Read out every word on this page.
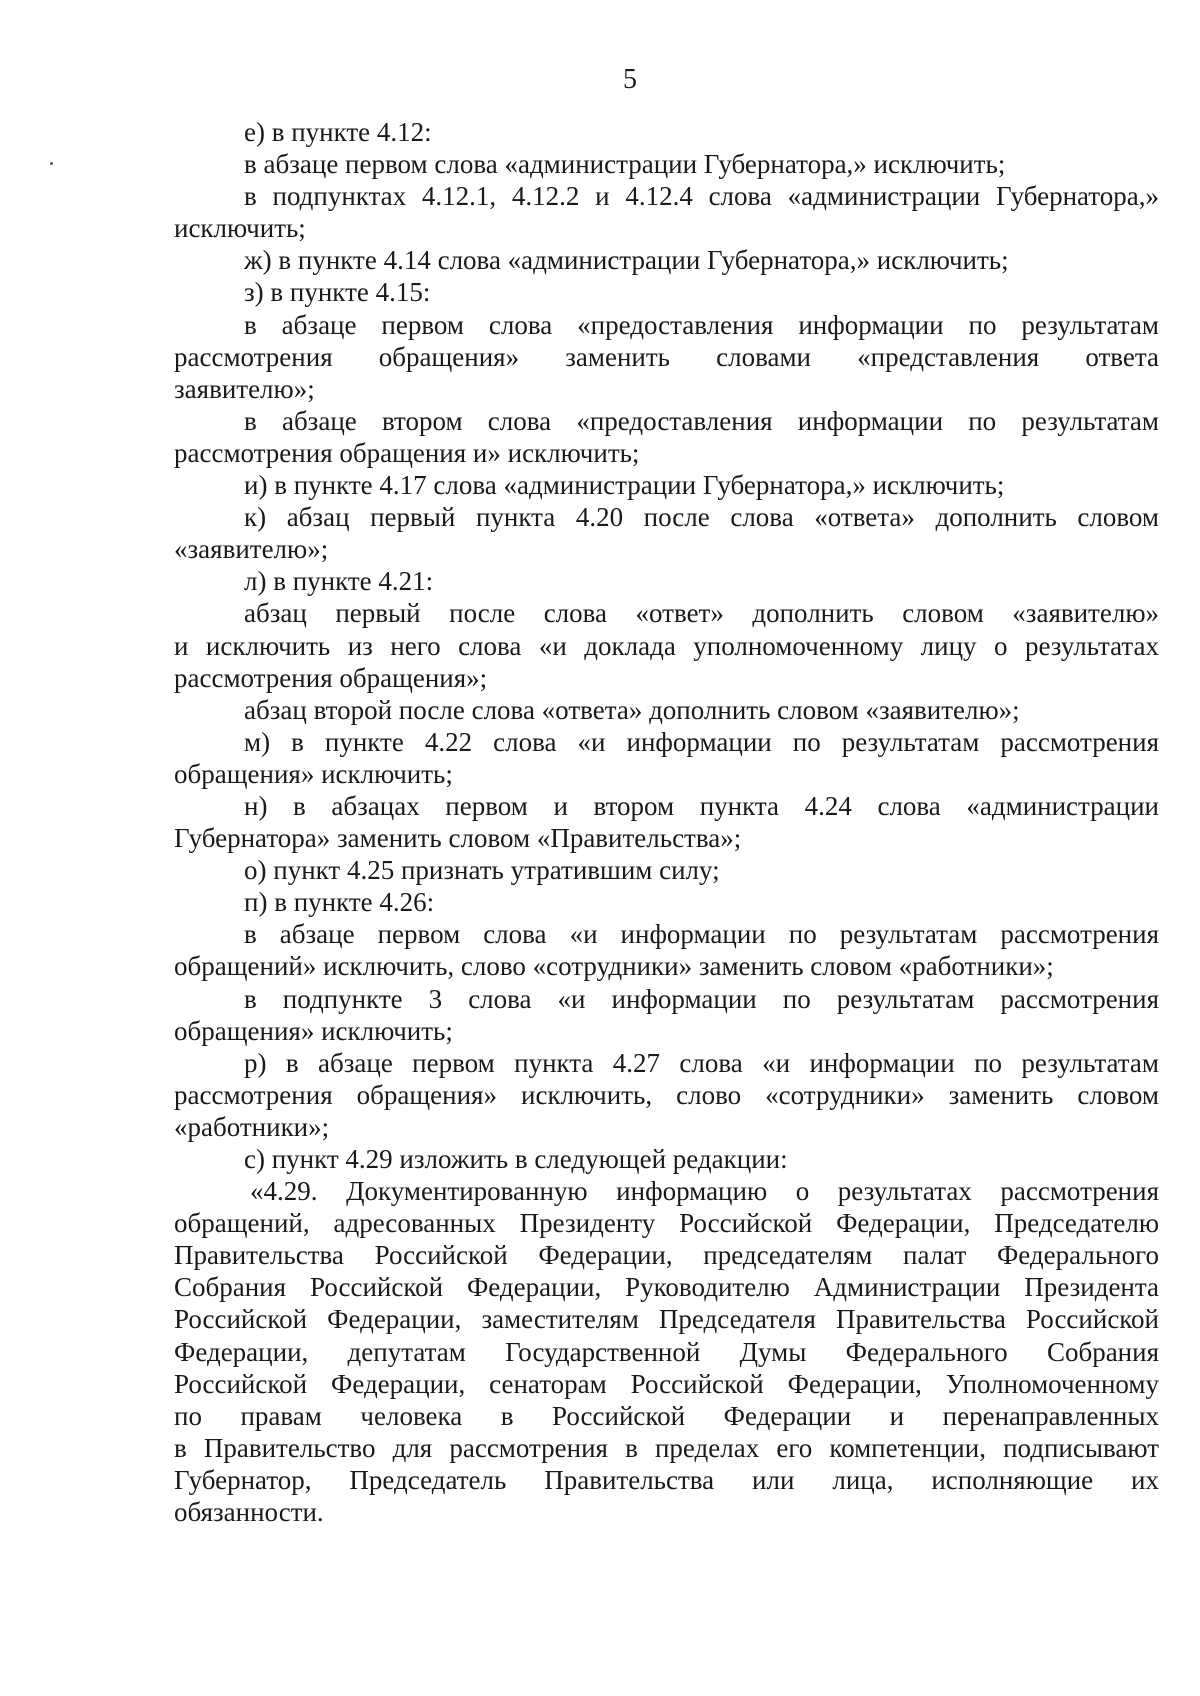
5
е) в пункте 4.12:
в абзаце первом слова «администрации Губернатора,» исключить;
в подпунктах 4.12.1, 4.12.2 и 4.12.4 слова «администрации Губернатора,»
исключить;
ж) в пункте 4.14 слова «администрации Губернатора,» исключить;
з) в пункте 4.15:
в абзаце первом слова «предоставления информации по результатам
рассмотрения обращения» заменить словами «представления ответа
заявителю»;
в абзаце втором слова «предоставления информации по результатам
рассмотрения обращения и» исключить;
и) в пункте 4.17 слова «администрации Губернатора,» исключить;
к) абзац первый пункта 4.20 после слова «ответа» дополнить словом
«заявителю»;
л) в пункте 4.21:
абзац первый после слова «ответ» дополнить словом «заявителю»
и исключить из него слова «и доклада уполномоченному лицу о результатах
рассмотрения обращения»;
абзац второй после слова «ответа» дополнить словом «заявителю»;
м) в пункте 4.22 слова «и информации по результатам рассмотрения
обращения» исключить;
н) в абзацах первом и втором пункта 4.24 слова «администрации
Губернатора» заменить словом «Правительства»;
о) пункт 4.25 признать утратившим силу;
п) в пункте 4.26:
в абзаце первом слова «и информации по результатам рассмотрения
обращений» исключить, слово «сотрудники» заменить словом «работники»;
в подпункте 3 слова «и информации по результатам рассмотрения
обращения» исключить;
р) в абзаце первом пункта 4.27 слова «и информации по результатам
рассмотрения обращения» исключить, слово «сотрудники» заменить словом
«работники»;
с) пункт 4.29 изложить в следующей редакции:
«4.29. Документированную информацию о результатах рассмотрения
обращений, адресованных Президенту Российской Федерации, Председателю
Правительства Российской Федерации, председателям палат Федерального
Собрания Российской Федерации, Руководителю Администрации Президента
Российской Федерации, заместителям Председателя Правительства Российской
Федерации, депутатам Государственной Думы Федерального Собрания
Российской Федерации, сенаторам Российской Федерации, Уполномоченному
по правам человека в Российской Федерации и перенаправленных
в Правительство для рассмотрения в пределах его компетенции, подписывают
Губернатор, Председатель Правительства или лица, исполняющие их
обязанности.
